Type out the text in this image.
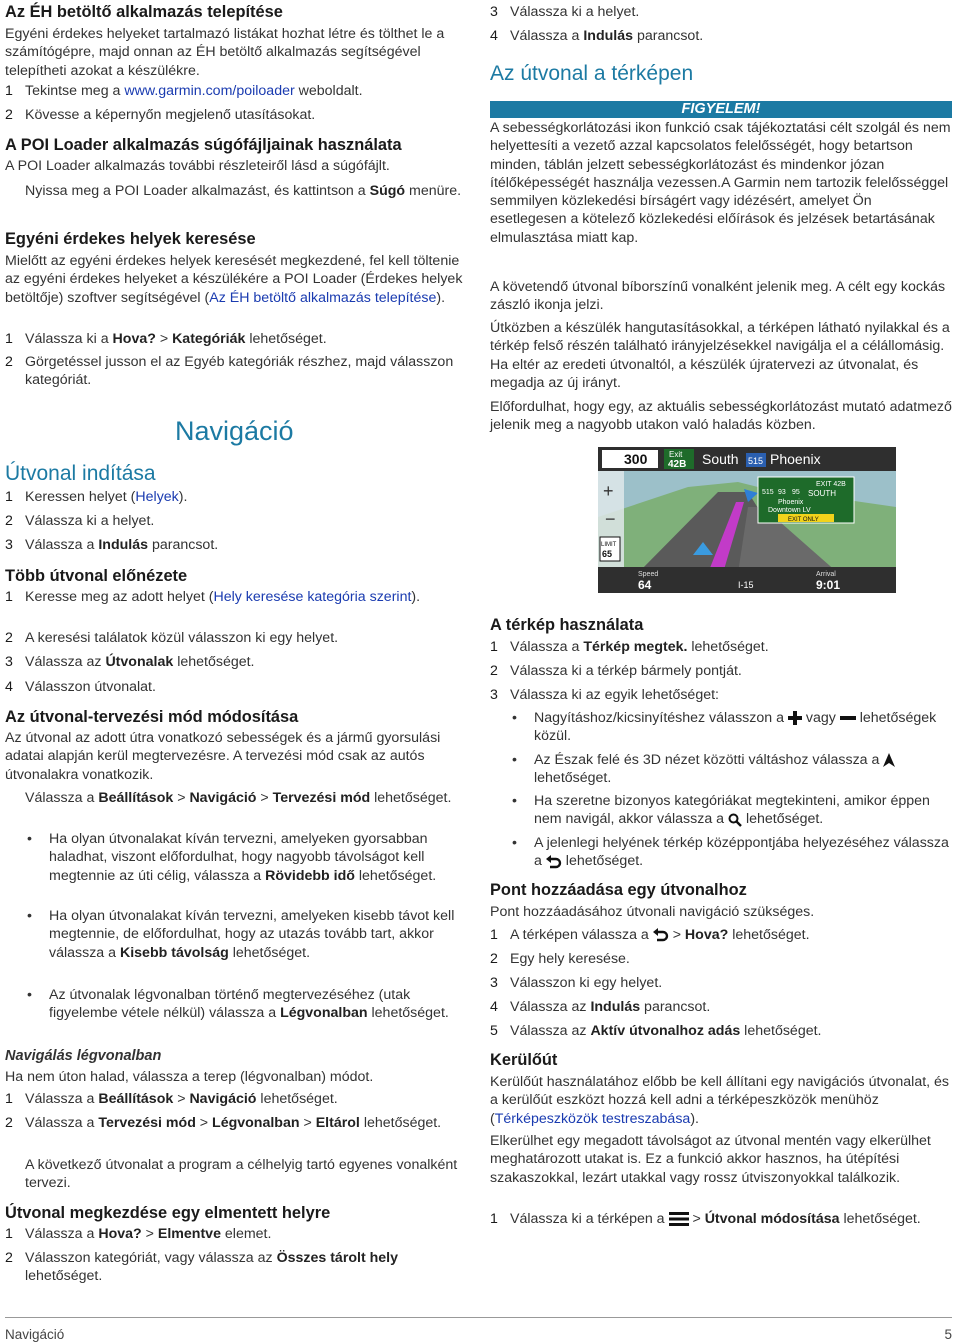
Az ÉH betöltő alkalmazás telepítése

Egyéni érdekes helyeket tartalmazó listákat hozhat létre és tölthet le a számítógépre, majd onnan az ÉH betöltő alkalmazás segítségével telepítheti azokat a készülékre.

1 Tekintse meg a www.garmin.com/poiloader weboldalt.
2 Kövesse a képernyőn megjelenő utasításokat.
A POI Loader alkalmazás súgófájljainak használata

A POI Loader alkalmazás további részleteiről lásd a súgófájlt.

Nyissa meg a POI Loader alkalmazást, és kattintson a Súgó menüre.

Egyéni érdekes helyek keresése

Mielőtt az egyéni érdekes helyek keresését megkezdené, fel kell töltenie az egyéni érdekes helyeket a készülékére a POI Loader (Érdekes helyek betöltője) szoftver segítségével (Az ÉH betöltő alkalmazás telepítése).

1 Válassza ki a Hova? > Kategóriák lehetőséget.
2 Görgetéssel jusson el az Egyéb kategóriák részhez, majd válasszon kategóriát.
Navigáció
Útvonal indítása
1 Keressen helyet (Helyek).
2 Válassza ki a helyet.
3 Válassza a Indulás parancsot.
Több útvonal előnézete
1 Keresse meg az adott helyet (Hely keresése kategória szerint).
2 A keresési találatok közül válasszon ki egy helyet.
3 Válassza az Útvonalak lehetőséget.
4 Válasszon útvonalat.
Az útvonal-tervezési mód módosítása

Az útvonal az adott útra vonatkozó sebességek és a jármű gyorsulási adatai alapján kerül megtervezésre. A tervezési mód csak az autós útvonalakra vonatkozik.

Válassza a Beállítások > Navigáció > Tervezési mód lehetőséget.

•	Ha olyan útvonalakat kíván tervezni, amelyeken gyorsabban haladhat, viszont előfordulhat, hogy nagyobb távolságot kell megtennie az úti célig, válassza a Rövidebb idő lehetőséget.
•	Ha olyan útvonalakat kíván tervezni, amelyeken kisebb távot kell megtennie, de előfordulhat, hogy az utazás tovább tart, akkor válassza a Kisebb távolság lehetőséget.
•	Az útvonalak légvonalban történő megtervezéséhez (utak figyelembe vétele nélkül) válassza a Légvonalban lehetőséget.
Navigálás légvonalban

Ha nem úton halad, válassza a terep (légvonalban) módot.

1 Válassza a Beállítások > Navigáció lehetőséget.
2 Válassza a Tervezési mód > Légvonalban > Eltárol lehetőséget.

A következő útvonalat a program a célhelyig tartó egyenes vonalként tervezi.

Útvonal megkezdése egy elmentett helyre
1 Válassza a Hova? > Elmentve elemet.
2 Válasszon kategóriát, vagy válassza az Összes tárolt hely lehetőséget.
3 Válassza ki a helyet.
4 Válassza a Indulás parancsot.
Az útvonal a térképen
FIGYELEM!

A sebességkorlátozási ikon funkció csak tájékoztatási célt szolgál és nem helyettesíti a vezető azzal kapcsolatos felelősségét, hogy betartson minden, táblán jelzett sebességkorlátozást és mindenkor józan ítélőképességét használja vezessen.A Garmin nem tartozik felelősséggel semmilyen közlekedési bírságért vagy idézésért, amelyet Ön esetlegesen a kötelező közlekedési előírások és jelzések betartásának elmulasztása miatt kap.

A követendő útvonal bíborszínű vonalként jelenik meg. A célt egy kockás zászló ikonja jelzi.

Útközben a készülék hangutasításokkal, a térképen látható nyilakkal és a térkép felső részén található irányjelzésekkel navigálja el a célállomásig. Ha eltér az eredeti útvonaltól, a készülék újratervezi az útvonalat, és megadja az új irányt.

Előfordulhat, hogy egy, az aktuális sebességkorlátozást mutató adatmező jelenik meg a nagyobb utakon való haladás közben.

300	Exit
42B South 515 Phoenix
EXIT 42B
SOUTH
515 93 95
Phoenix
Downtown LV
EXIT ONLY
+
−
LIMIT
65
Speed
64	I-15
Arrival
9:01
A térkép használata
1 Válassza a Térkép megtek. lehetőséget.
2 Válassza ki a térkép bármely pontját.
3 Válassza ki az egyik lehetőséget:
•	Nagyításhoz/kicsinyítéshez válasszon a  vagy  lehetőségek közül.
•	Az Észak felé és 3D nézet közötti váltáshoz válassza a  lehetőséget.
•	Ha szeretne bizonyos kategóriákat megtekinteni, amikor éppen nem navigál, akkor válassza a  lehetőséget.
•	A jelenlegi helyének térkép középpontjába helyezéséhez válassza a  lehetőséget.
Pont hozzáadása egy útvonalhoz

Pont hozzáadásához útvonali navigáció szükséges.

1 A térképen válassza a  > Hova? lehetőséget.
2 Egy hely keresése.
3 Válasszon ki egy helyet.
4 Válassza az Indulás parancsot.
5 Válassza az Aktív útvonalhoz adás lehetőséget.
Kerülőút

Kerülőút használatához előbb be kell állítani egy navigációs útvonalat, és a kerülőút eszközt hozzá kell adni a térképeszközök menühöz (Térképeszközök testreszabása).

Elkerülhet egy megadott távolságot az útvonal mentén vagy elkerülhet meghatározott utakat is. Ez a funkció akkor hasznos, ha útépítési szakaszokkal, lezárt utakkal vagy rossz útviszonyokkal találkozik.

1 Válassza ki a térképen a  > Útvonal módosítása lehetőséget.
Navigáció	5
